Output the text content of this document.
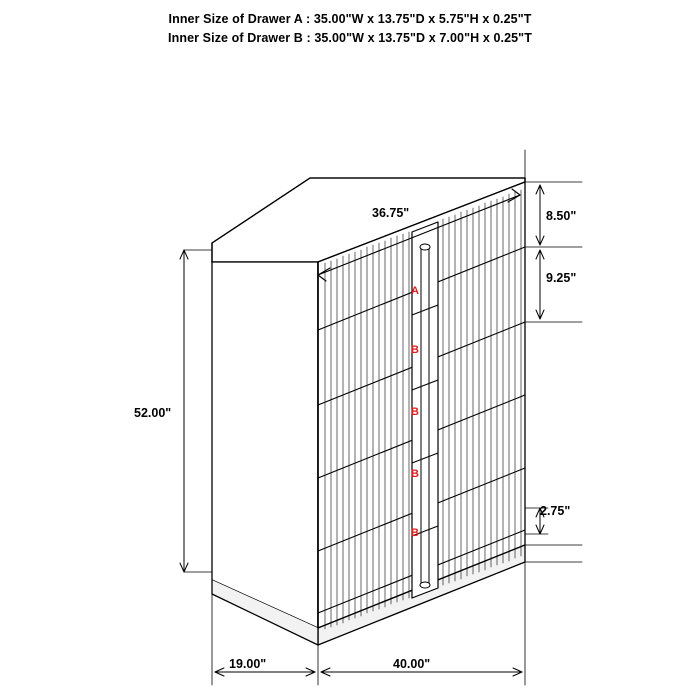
Inner Size of Drawer A : 35.00"W x 13.75"D x 5.75"H x 0.25"T
Inner Size of Drawer B : 35.00"W x 13.75"D x 7.00"H x 0.25"T
36.75"	8.50"
9.25"
52.00"
2.75"
19.00"	40.00"
A
B
B
B
B
